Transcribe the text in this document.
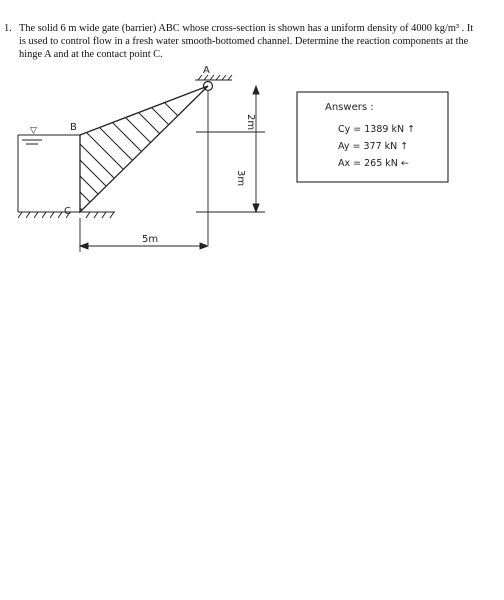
1. The solid 6 m wide gate (barrier) ABC whose cross-section is shown has a uniform density of 4000 kg/m³ . It
is used to control flow in a fresh water smooth-bottomed channel. Determine the reaction components at the
hinge A and at the contact point C.
▽
A
B
C
2m
3m
5m
Answers :
Cy = 1389 kN ↑
Ay = 377 kN ↑
Ax = 265 kN ←
